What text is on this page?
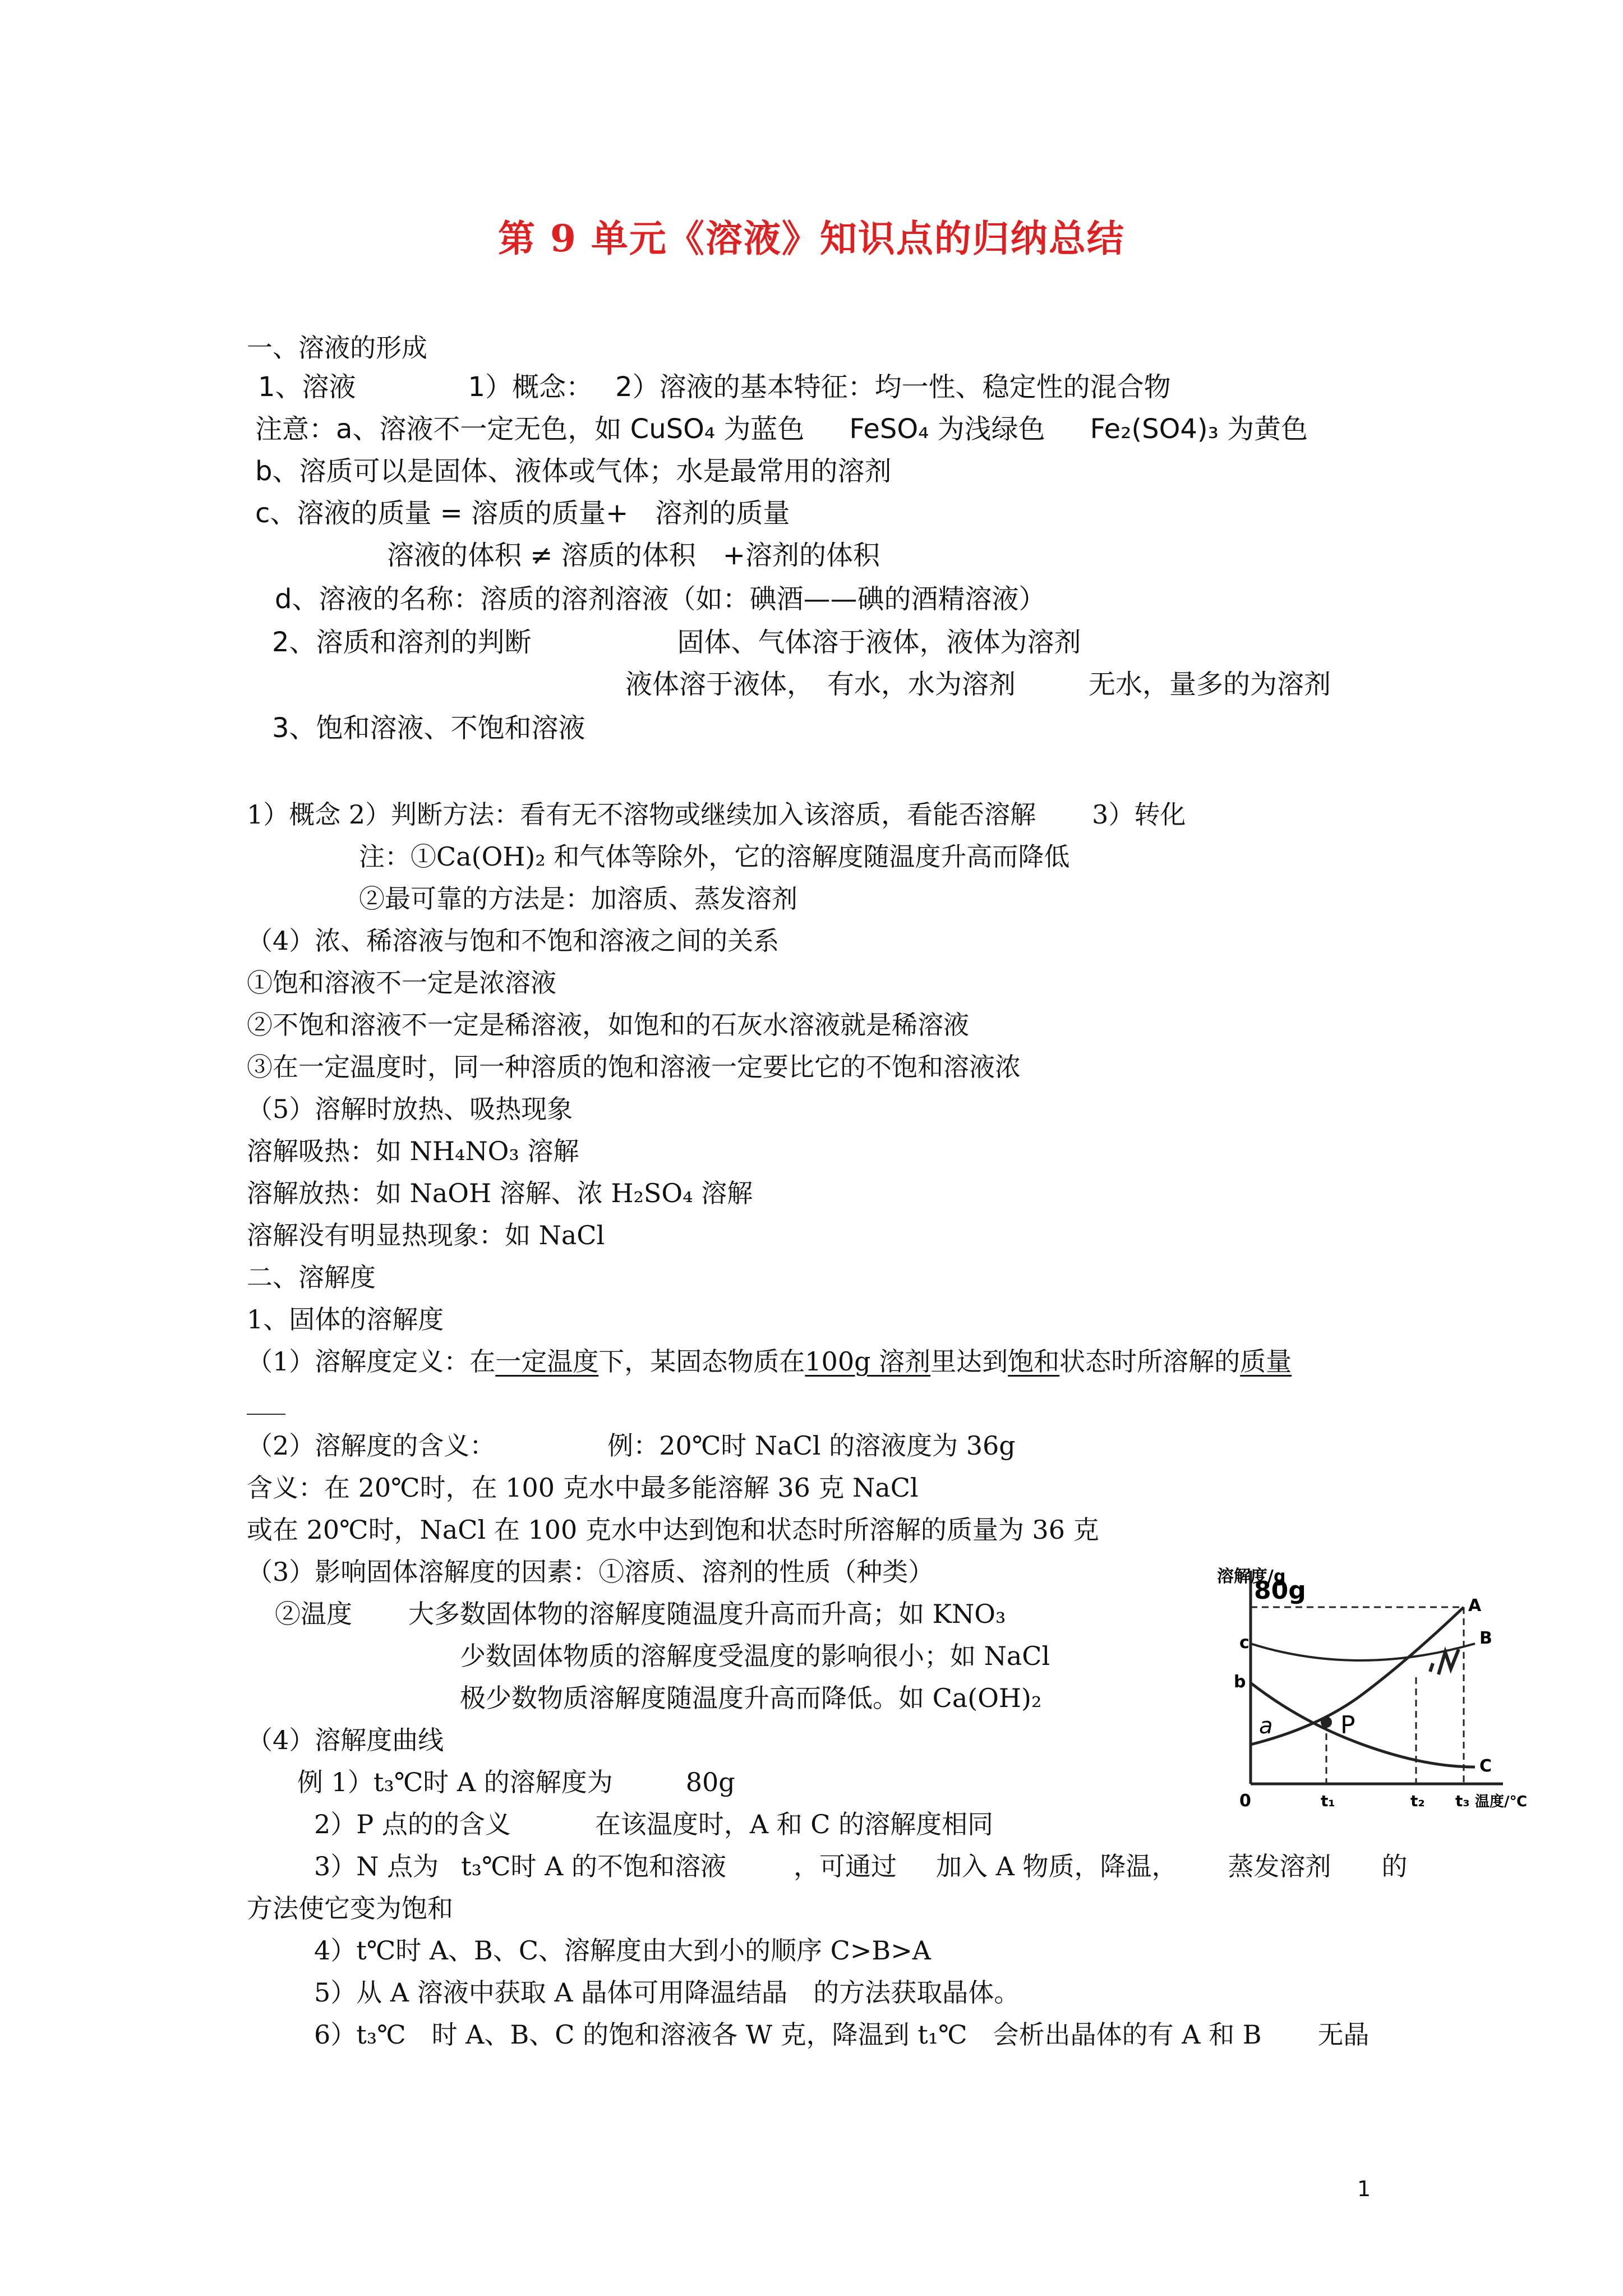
第 9 单元《溶液》知识点的归纳总结
一、溶液的形成
1、溶液	1）概念： 2）溶液的基本特征：均一性、稳定性的混合物
注意：a、溶液不一定无色，如 CuSO₄ 为蓝色 FeSO₄ 为浅绿色 Fe₂(SO4)₃ 为黄色
b、溶质可以是固体、液体或气体；水是最常用的溶剂
c、溶液的质量 = 溶质的质量+　溶剂的质量
溶液的体积 ≠ 溶质的体积　+溶剂的体积
d、溶液的名称：溶质的溶剂溶液（如：碘酒——碘的酒精溶液）
2、溶质和溶剂的判断	固体、气体溶于液体，液体为溶剂
液体溶于液体，　有水，水为溶剂	无水，量多的为溶剂
3、饱和溶液、不饱和溶液
1）概念 2）判断方法：看有无不溶物或继续加入该溶质，看能否溶解 3）转化
注：①Ca(OH)₂ 和气体等除外，它的溶解度随温度升高而降低
②最可靠的方法是：加溶质、蒸发溶剂
（4）浓、稀溶液与饱和不饱和溶液之间的关系
①饱和溶液不一定是浓溶液
②不饱和溶液不一定是稀溶液，如饱和的石灰水溶液就是稀溶液
③在一定温度时，同一种溶质的饱和溶液一定要比它的不饱和溶液浓
（5）溶解时放热、吸热现象
溶解吸热：如 NH₄NO₃ 溶解
溶解放热：如 NaOH 溶解、浓 H₂SO₄ 溶解
溶解没有明显热现象：如 NaCl
二、溶解度
1、固体的溶解度
（1）溶解度定义：在一定温度下，某固态物质在100g 溶剂里达到饱和状态时所溶解的质量
___
（2）溶解度的含义：	例：20℃时 NaCl 的溶液度为 36g
含义：在 20℃时，在 100 克水中最多能溶解 36 克 NaCl
或在 20℃时，NaCl 在 100 克水中达到饱和状态时所溶解的质量为 36 克
（3）影响固体溶解度的因素：①溶质、溶剂的性质（种类）
②温度 大多数固体物的溶解度随温度升高而升高；如 KNO₃
少数固体物质的溶解度受温度的影响很小；如 NaCl
极少数物质溶解度随温度升高而降低。如 Ca(OH)₂
（4）溶解度曲线
例 1）t₃℃时 A 的溶解度为	80g
2）P 点的的含义	在该温度时，A 和 C 的溶解度相同
3）N 点为 t₃℃时 A 的不饱和溶液	，可通过 加入 A 物质，降温， 蒸发溶剂 的
方法使它变为饱和
4）t℃时 A、B、C、溶解度由大到小的顺序 C>B>A
5）从 A 溶液中获取 A 晶体可用降温结晶　的方法获取晶体。
6）t₃℃　时 A、B、C 的饱和溶液各 W 克，降温到 t₁℃　会析出晶体的有 A 和 B 无晶
溶解度/g
80g
A
B
C
c
b
a	P
N
0	t₁	t₂ t₃ 温度/℃
1
